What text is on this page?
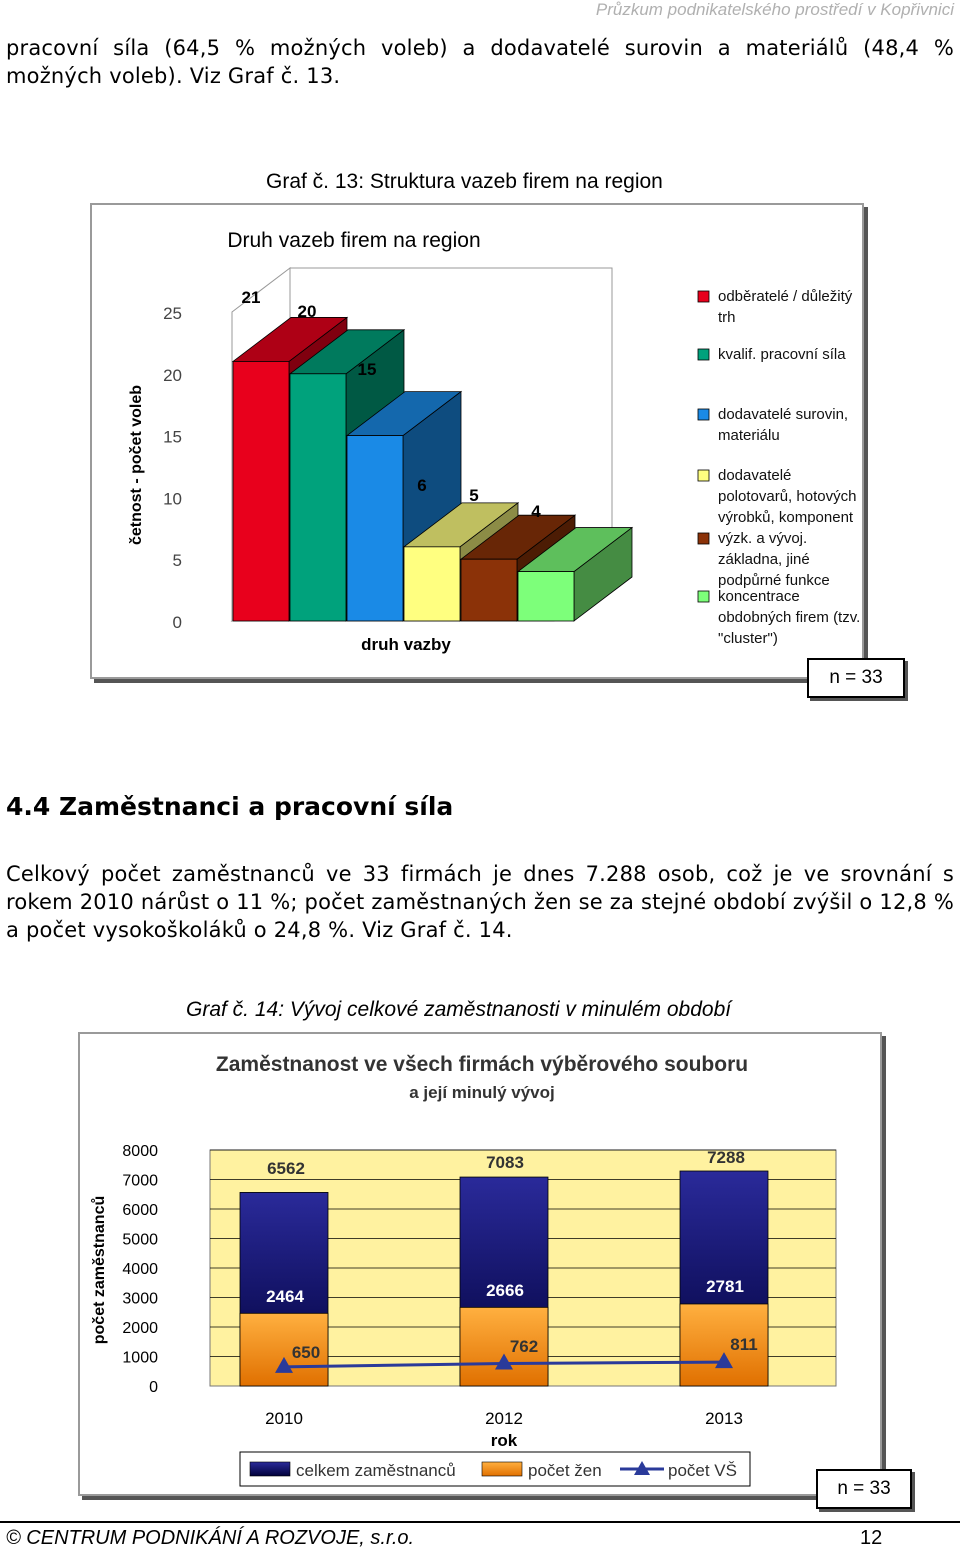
Průzkum podnikatelského prostředí v Kopřivnici
pracovní síla (64,5 % možných voleb) a dodavatelé surovin a materiálů (48,4 % možných voleb). Viz Graf č. 13.
Graf č. 13: Struktura vazeb firem na region
Druh vazeb firem na region
0
5
10
15
20
25
četnost - počet voleb
21
20
15
6
5
4
druh vazby
odběratelé / důležitý trh
kvalif. pracovní síla
dodavatelé surovin, materiálu
dodavatelé polotovarů, hotových výrobků, komponent
výzk. a vývoj. základna, jiné podpůrné funkce
koncentrace obdobných firem (tzv. "cluster")
n = 33
4.4 Zaměstnanci a pracovní síla
Celkový počet zaměstnanců ve 33 firmách je dnes 7.288 osob, což je ve srovnání s rokem 2010 nárůst o 11 %; počet zaměstnaných žen se za stejné období zvýšil o 12,8 % a počet vysokoškoláků o 24,8 %. Viz Graf č. 14.
Graf č. 14: Vývoj celkové zaměstnanosti v minulém období
Zaměstnanost ve všech firmách výběrového souboru
a její minulý vývoj
0
1000
2000
3000
4000
5000
6000
7000
8000
počet zaměstnanců
2010	2012	2013
6562
2464
650
7083
2666
762
7288
2781
811
rok
celkem zaměstnanců	počet žen	počet VŠ
n = 33
© CENTRUM PODNIKÁNÍ A ROZVOJE, s.r.o.	12
